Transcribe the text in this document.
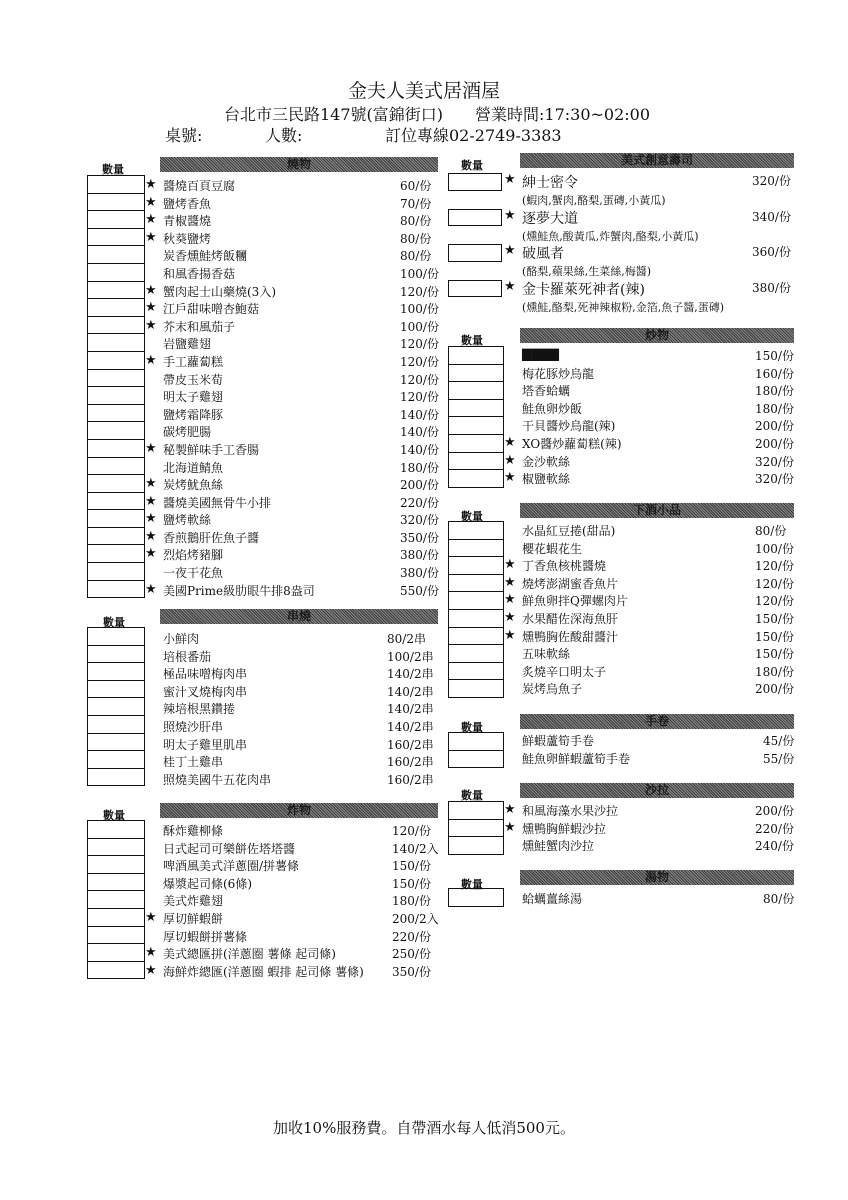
金夫人美式居酒屋
台北市三民路147號(富錦街口) 營業時間:17:30~02:00
桌號:	人數:	訂位專線02-2749-3383
加收10%服務費。自帶酒水每人低消500元。
數量	燒物
★ 醬燒百頁豆腐	60/份
★ 鹽烤香魚	70/份
★ 青椒醬燒	80/份
★ 秋葵鹽烤	80/份
炭香燻鮭烤飯糰	80/份
和風香揚香菇	100/份
★ 蟹肉起士山藥燒(3入)	120/份
★ 江戶甜味噌杏鮑菇	100/份
★ 芥末和風茄子	100/份
岩鹽雞翅	120/份
★ 手工蘿蔔糕	120/份
帶皮玉米荀	120/份
明太子雞翅	120/份
鹽烤霜降豚	140/份
碳烤肥腸	140/份
★ 秘製鮮味手工香腸	140/份
北海道鯖魚	180/份
★ 炭烤魷魚絲	200/份
★ 醬燒美國無骨牛小排	220/份
★ 鹽烤軟絲	320/份
★ 香煎鵝肝佐魚子醬	350/份
★ 烈焰烤豬腳	380/份
一夜干花魚	380/份
★ 美國Prime級肋眼牛排8盎司	550/份
數量	串燒
小鮮肉	80/2串
培根番茄	100/2串
極品味噌梅肉串	140/2串
蜜汁叉燒梅肉串	140/2串
辣培根黑鑽捲	140/2串
照燒沙肝串	140/2串
明太子雞里肌串	160/2串
桂丁土雞串	160/2串
照燒美國牛五花肉串	160/2串
數量	炸物
酥炸雞柳條	120/份
日式起司可樂餅佐塔塔醬	140/2入
啤酒風美式洋蔥圈/拼薯條	150/份
爆漿起司條(6條)	150/份
美式炸雞翅	180/份
★ 厚切鮮蝦餅	200/2入
厚切蝦餅拼薯條	220/份
★ 美式總匯拼(洋蔥圈 薯條 起司條)	250/份
★ 海鮮炸總匯(洋蔥圈 蝦排 起司條 薯條) 350/份
數量	美式創意壽司
★ 紳士密令	320/份
(蝦肉,蟹肉,酪梨,蛋磚,小黃瓜)
★ 逐夢大道	340/份
(燻鮭魚,酸黃瓜,炸蟹肉,酪梨,小黃瓜)
★ 破風者	360/份
(酪梨,蘋果絲,生菜絲,梅醬)
★ 金卡羅萊死神者(辣)	380/份
(燻鮭,酪梨,死神辣椒粉,金箔,魚子醬,蛋磚)
數量	炒物
▇▇▇▇	150/份
梅花豚炒烏龍	160/份
塔香蛤蠣	180/份
鮭魚卵炒飯	180/份
干貝醬炒烏龍(辣)	200/份
★ XO醬炒蘿蔔糕(辣)	200/份
★ 金沙軟絲	320/份
★ 椒鹽軟絲	320/份
數量	下酒小品
水晶紅豆捲(甜品)	80/份
櫻花蝦花生	100/份
★ 丁香魚核桃醬燒	120/份
★ 燒烤澎湖蜜香魚片	120/份
★ 鮮魚卵拌Q彈螺肉片	120/份
★ 水果醋佐深海魚肝	150/份
★ 燻鴨胸佐酸甜醬汁	150/份
五味軟絲	150/份
炙燒辛口明太子	180/份
炭烤烏魚子	200/份
數量	手卷
鮮蝦蘆筍手卷	45/份
鮭魚卵鮮蝦蘆筍手卷	55/份
數量	沙拉
★ 和風海藻水果沙拉	200/份
★ 燻鴨胸鮮蝦沙拉	220/份
燻鮭蟹肉沙拉	240/份
數量
湯物
蛤蠣薑絲湯	80/份
